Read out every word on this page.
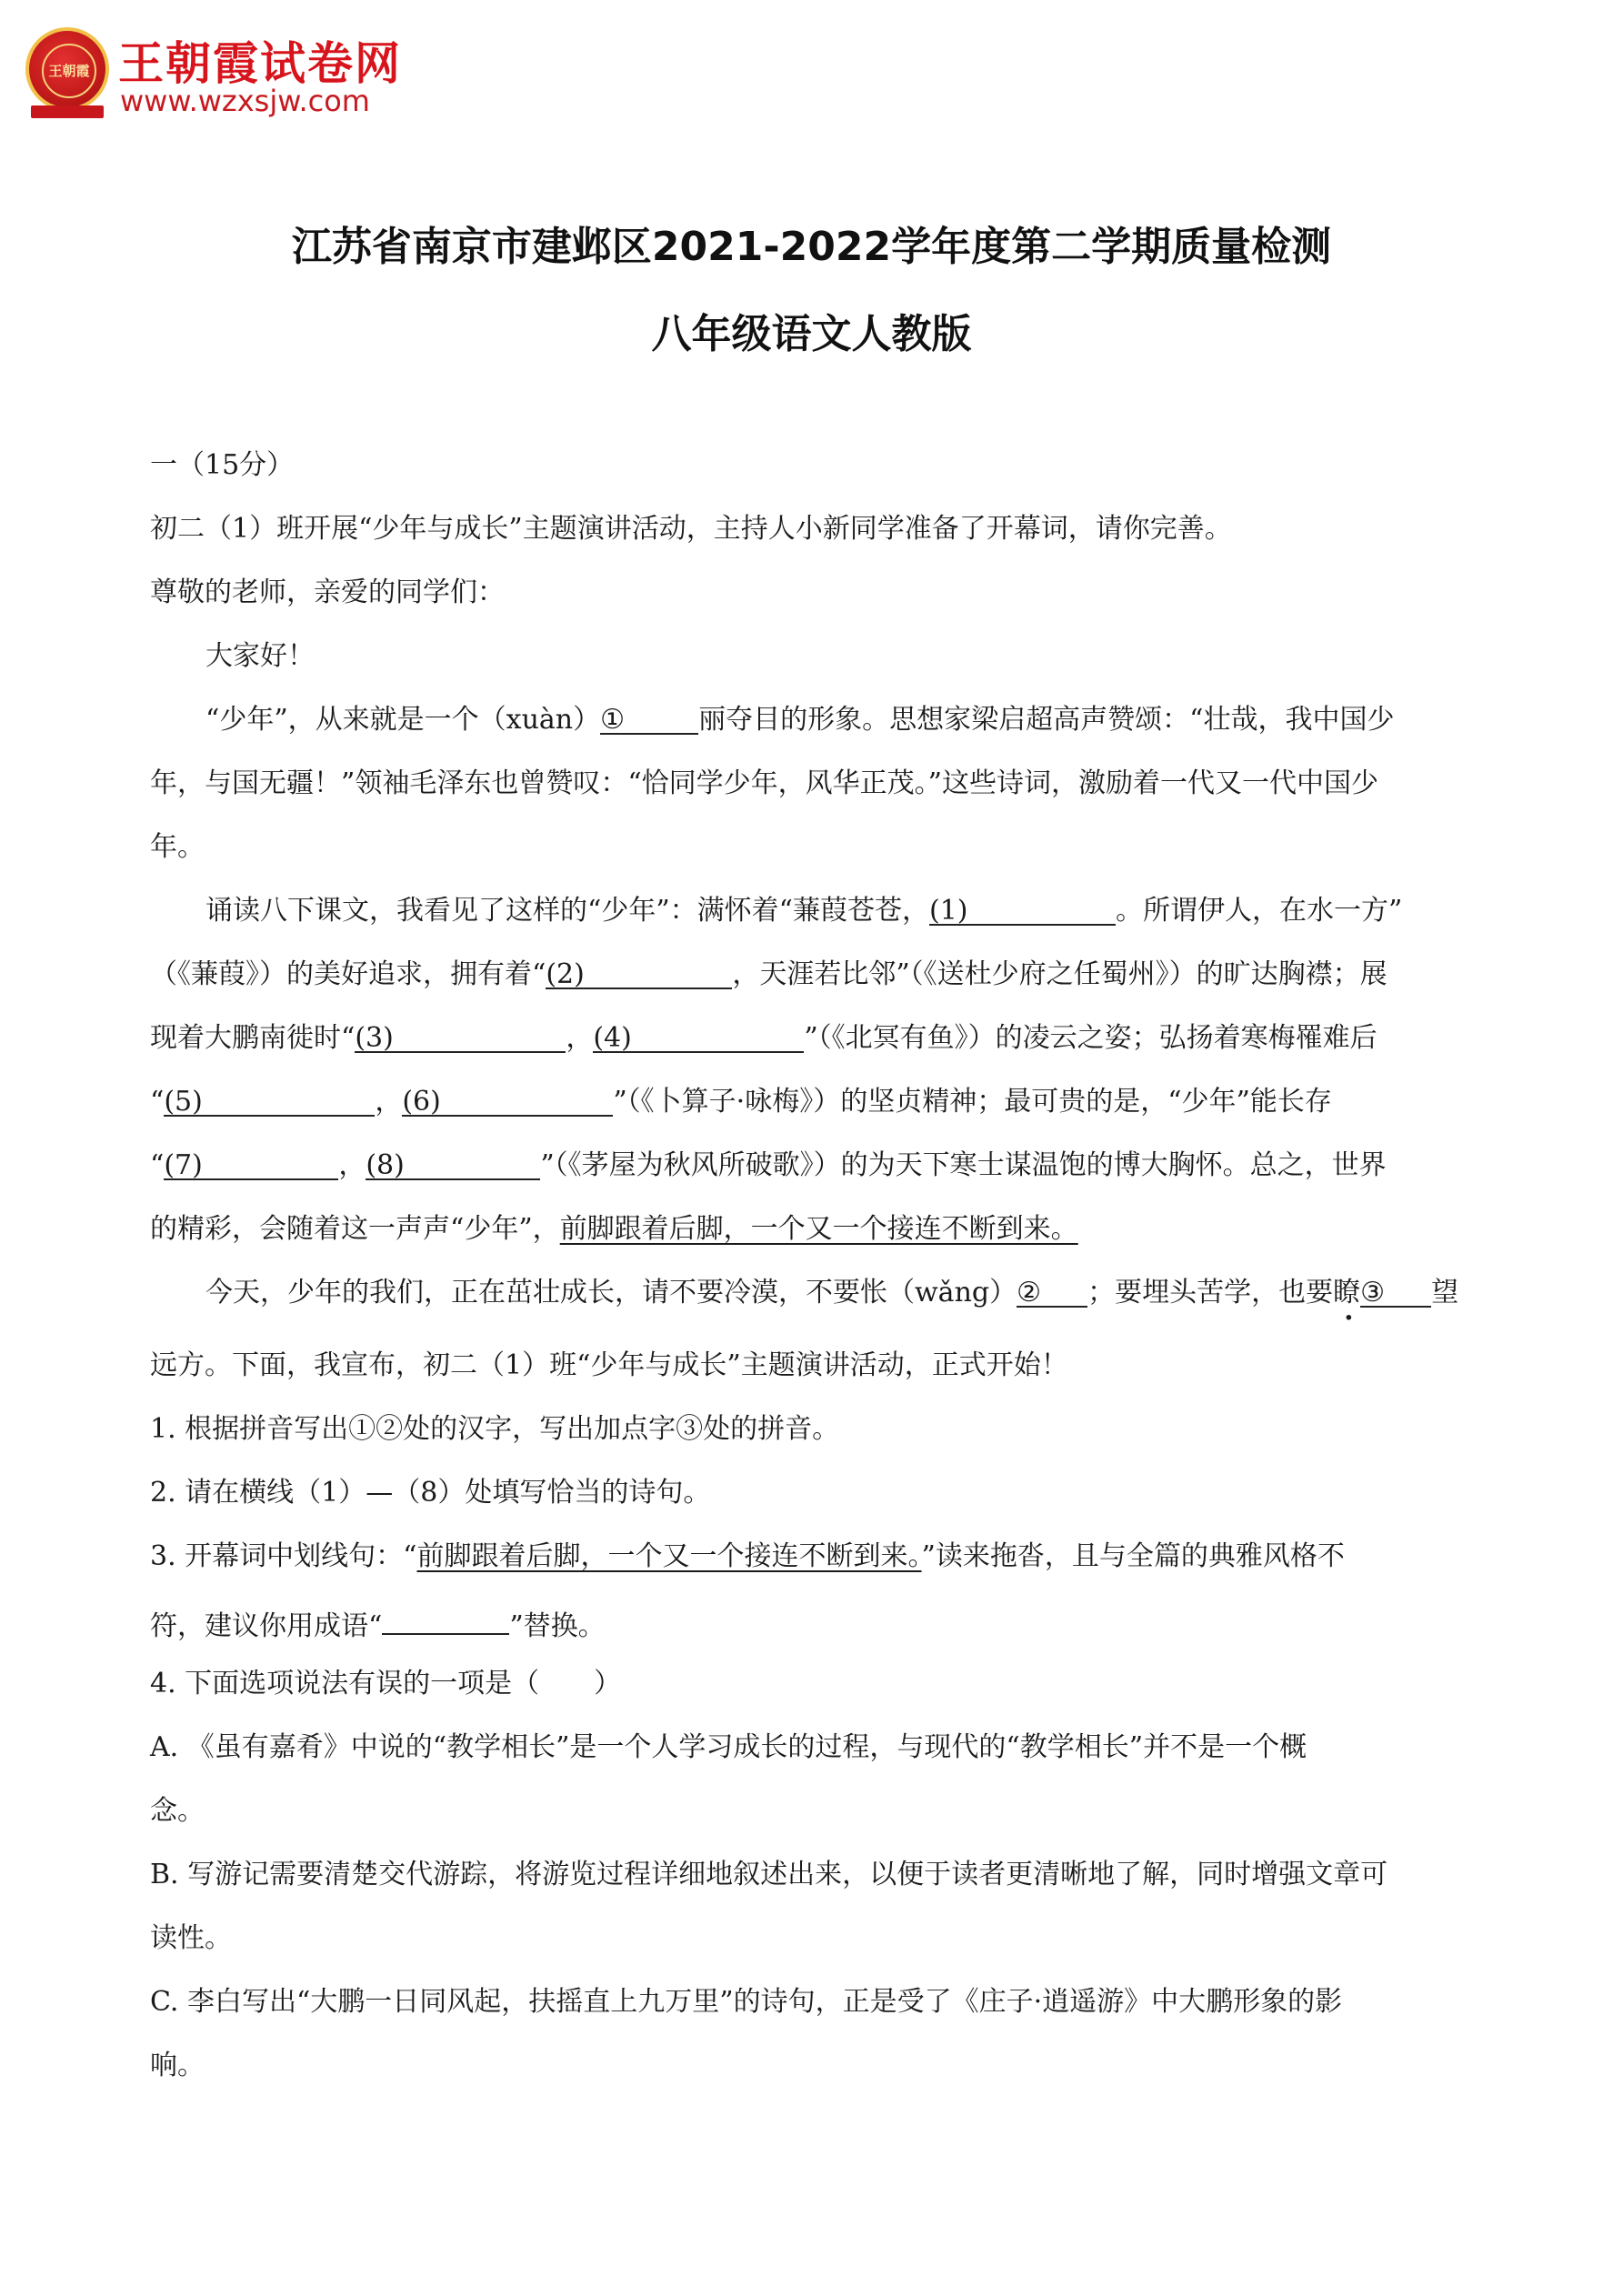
王朝霞 王朝霞试卷网
www.wzxsjw.com
江苏省南京市建邺区2021-2022学年度第二学期质量检测
八年级语文人教版
一（15分）
初二（1）班开展“少年与成长”主题演讲活动，主持人小新同学准备了开幕词，请你完善。
尊敬的老师，亲爱的同学们：
大家好！
“少年”，从来就是一个（xuàn）①	丽夺目的形象。思想家梁启超高声赞颂：“壮哉，我中国少
年，与国无疆！”领袖毛泽东也曾赞叹：“恰同学少年，风华正茂。”这些诗词，激励着一代又一代中国少
年。
诵读八下课文，我看见了这样的“少年”：满怀着“蒹葭苍苍，(1)	。所谓伊人，在水一方”
（《蒹葭》）的美好追求，拥有着“(2)	，天涯若比邻”（《送杜少府之任蜀州》）的旷达胸襟；展
现着大鹏南徙时“(3)	，(4)	”（《北冥有鱼》）的凌云之姿；弘扬着寒梅罹难后
“(5)	，(6)	”（《卜算子·咏梅》）的坚贞精神；最可贵的是，“少年”能长存
“(7)	，(8)	”（《茅屋为秋风所破歌》）的为天下寒士谋温饱的博大胸怀。总之，世界
的精彩，会随着这一声声“少年”，前脚跟着后脚，一个又一个接连不断到来。
今天，少年的我们，正在茁壮成长，请不要冷漠，不要怅（wǎng）② ；要埋头苦学，也要瞭③ 望
远方。下面，我宣布，初二（1）班“少年与成长”主题演讲活动，正式开始！
1. 根据拼音写出①②处的汉字，写出加点字③处的拼音。
2. 请在横线（1）—（8）处填写恰当的诗句。
3. 开幕词中划线句：“前脚跟着后脚，一个又一个接连不断到来。”读来拖沓，且与全篇的典雅风格不
符，建议你用成语“	”替换。
4. 下面选项说法有误的一项是（　　）
A. 《虽有嘉肴》中说的“教学相长”是一个人学习成长的过程，与现代的“教学相长”并不是一个概
念。
B. 写游记需要清楚交代游踪，将游览过程详细地叙述出来，以便于读者更清晰地了解，同时增强文章可
读性。
C. 李白写出“大鹏一日同风起，扶摇直上九万里”的诗句，正是受了《庄子·逍遥游》中大鹏形象的影
响。
